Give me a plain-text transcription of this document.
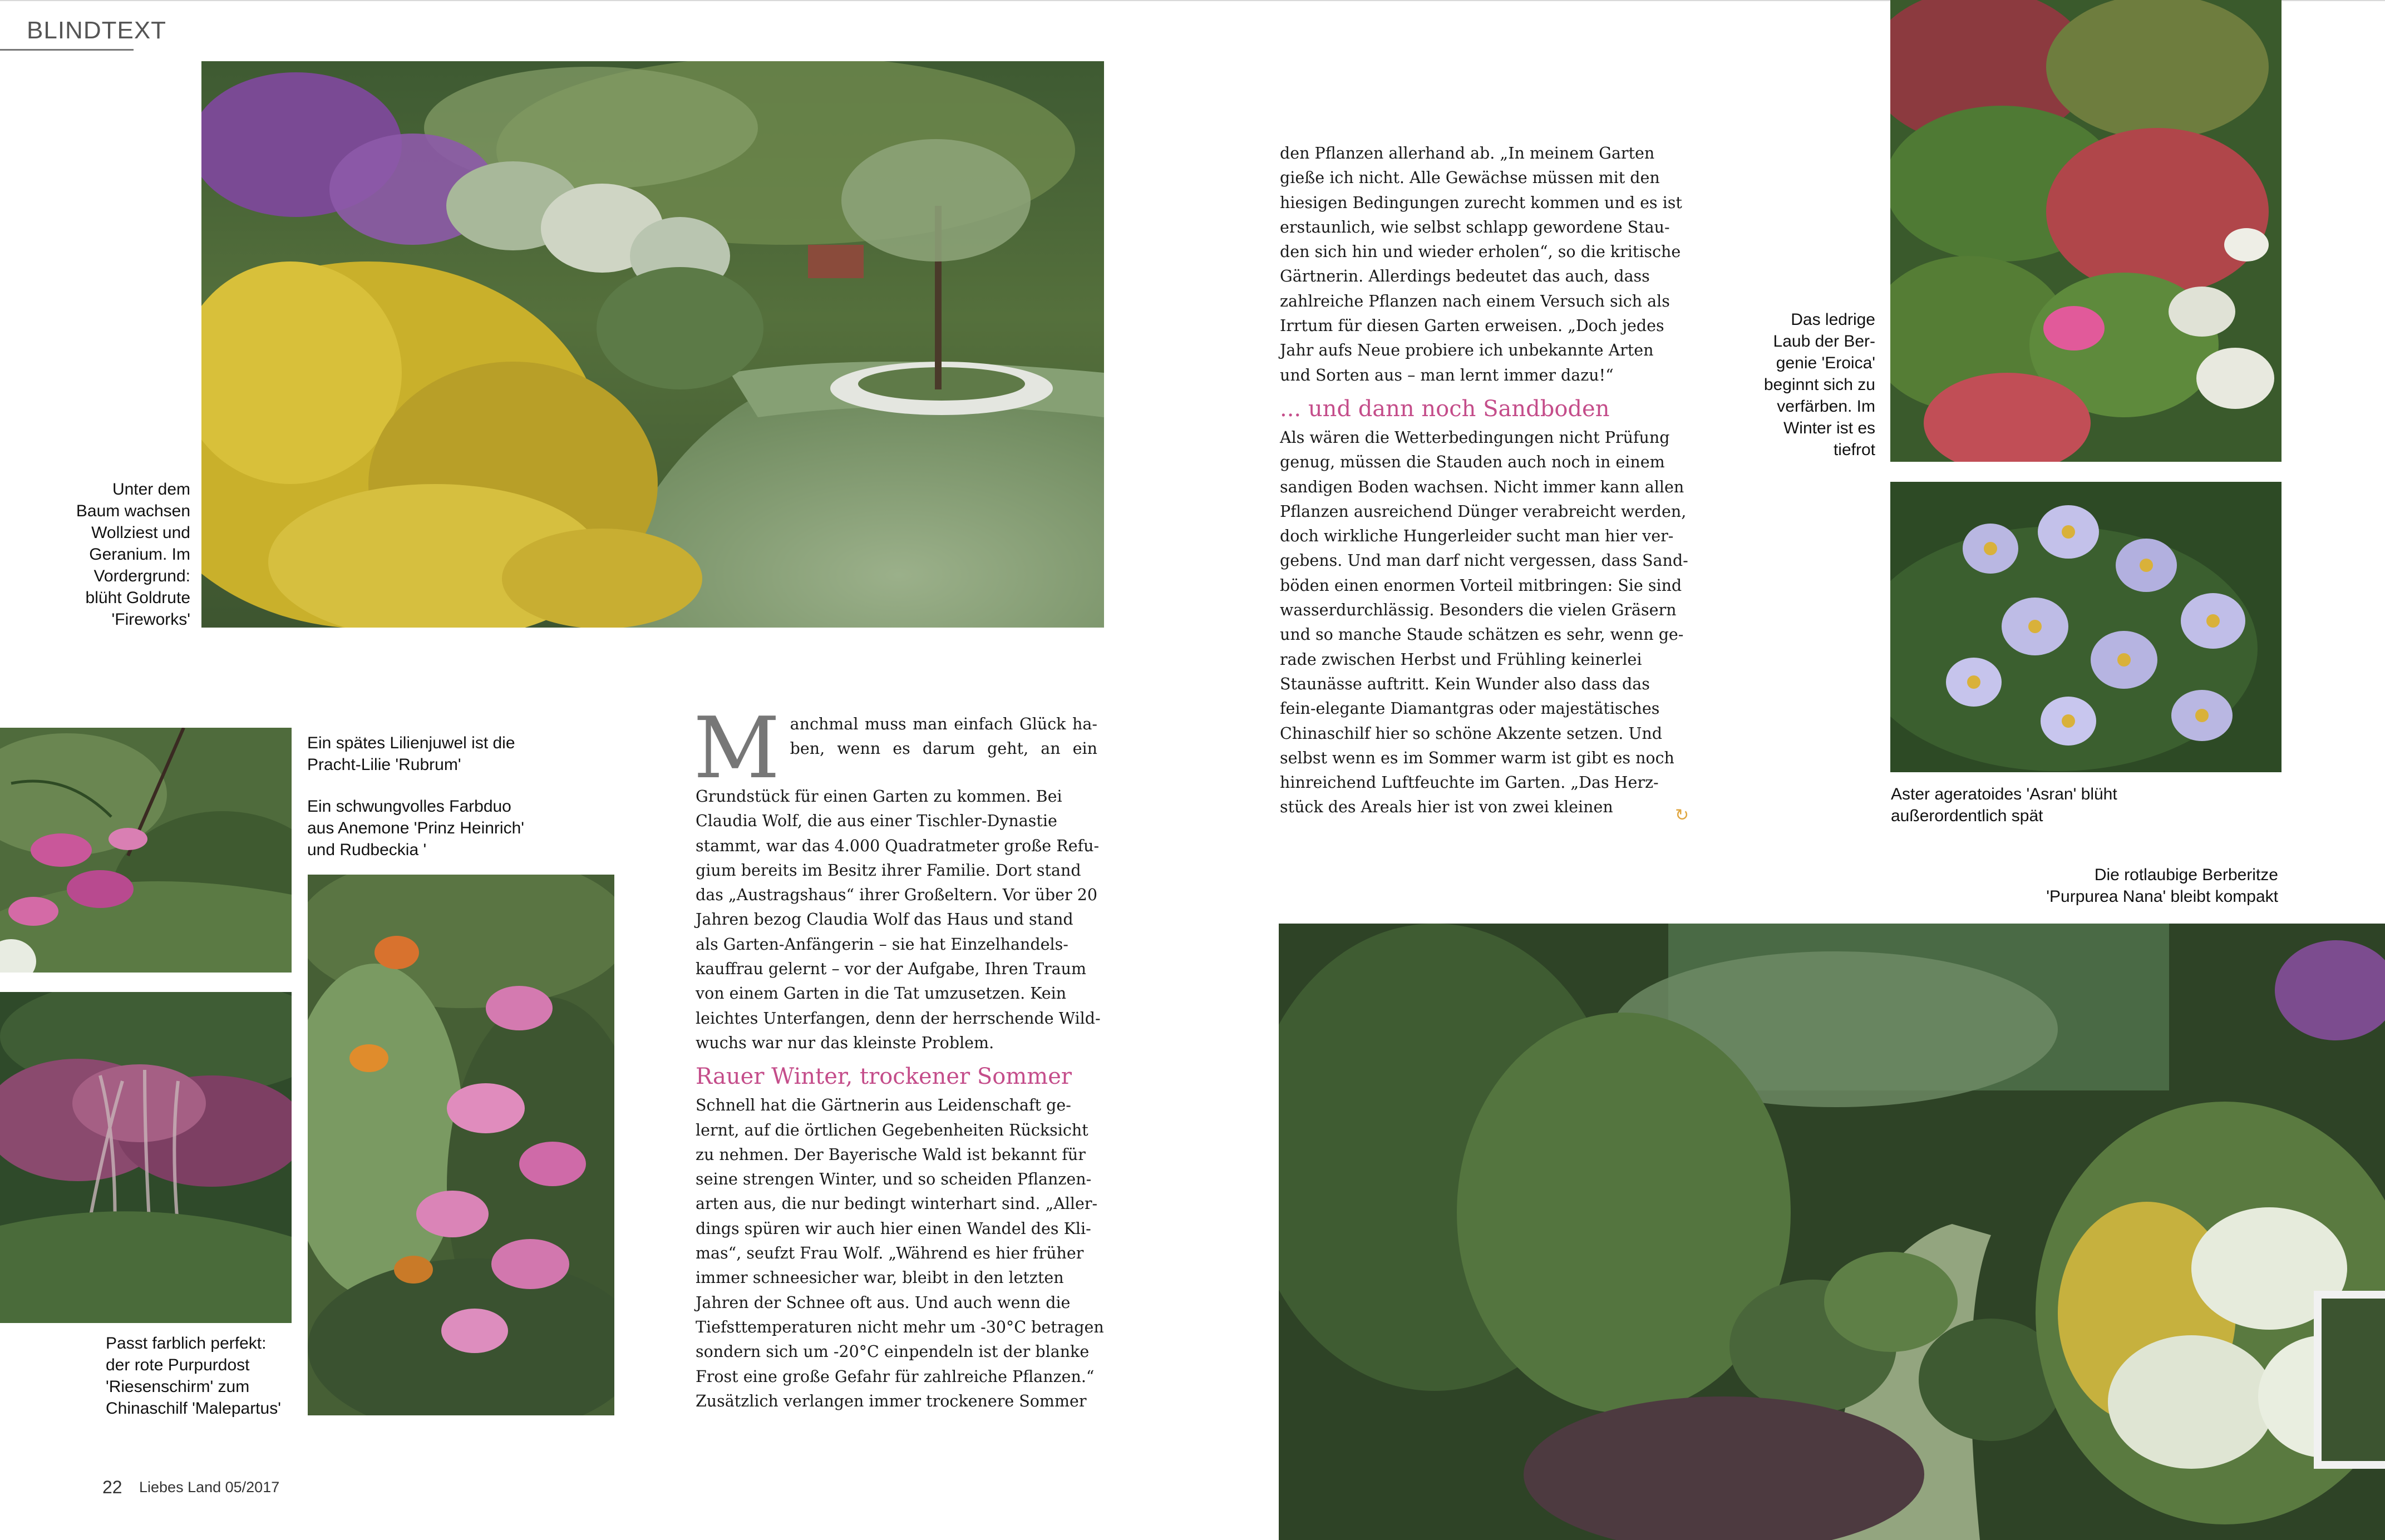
BLINDTEXT
Unter dem
Baum wachsen
Wollziest und
Geranium. Im
Vordergrund:
blüht Goldrute
'Fireworks'
Ein spätes Lilienjuwel ist die
Pracht-Lilie 'Rubrum'
Ein schwungvolles Farbduo
aus Anemone 'Prinz Heinrich'
und Rudbeckia '
Passt farblich perfekt:
der rote Purpurdost
'Riesenschirm' zum
Chinaschilf 'Malepartus'
M anchmal muss man einfach Glück ha-
ben, wenn es darum geht, an ein
Grundstück für einen Garten zu kommen. Bei
Claudia Wolf, die aus einer Tischler-Dynastie
stammt, war das 4.000 Quadratmeter große Refu-
gium bereits im Besitz ihrer Familie. Dort stand
das „Austragshaus“ ihrer Großeltern. Vor über 20
Jahren bezog Claudia Wolf das Haus und stand
als Garten-Anfängerin – sie hat Einzelhandels-
kauffrau gelernt – vor der Aufgabe, Ihren Traum
von einem Garten in die Tat umzusetzen. Kein
leichtes Unterfangen, denn der herrschende Wild-
wuchs war nur das kleinste Problem.
Rauer Winter, trockener Sommer
Schnell hat die Gärtnerin aus Leidenschaft ge-
lernt, auf die örtlichen Gegebenheiten Rücksicht
zu nehmen. Der Bayerische Wald ist bekannt für
seine strengen Winter, und so scheiden Pflanzen-
arten aus, die nur bedingt winterhart sind. „Aller-
dings spüren wir auch hier einen Wandel des Kli-
mas“, seufzt Frau Wolf. „Während es hier früher
immer schneesicher war, bleibt in den letzten
Jahren der Schnee oft aus. Und auch wenn die
Tiefsttemperaturen nicht mehr um -30°C betragen
sondern sich um -20°C einpendeln ist der blanke
Frost eine große Gefahr für zahlreiche Pflanzen.“
Zusätzlich verlangen immer trockenere Sommer
den Pflanzen allerhand ab. „In meinem Garten
gieße ich nicht. Alle Gewächse müssen mit den
hiesigen Bedingungen zurecht kommen und es ist
erstaunlich, wie selbst schlapp gewordene Stau-
den sich hin und wieder erholen“, so die kritische
Gärtnerin. Allerdings bedeutet das auch, dass
zahlreiche Pflanzen nach einem Versuch sich als
Irrtum für diesen Garten erweisen. „Doch jedes
Jahr aufs Neue probiere ich unbekannte Arten
und Sorten aus – man lernt immer dazu!“
... und dann noch Sandboden
Als wären die Wetterbedingungen nicht Prüfung
genug, müssen die Stauden auch noch in einem
sandigen Boden wachsen. Nicht immer kann allen
Pflanzen ausreichend Dünger verabreicht werden,
doch wirkliche Hungerleider sucht man hier ver-
gebens. Und man darf nicht vergessen, dass Sand-
böden einen enormen Vorteil mitbringen: Sie sind
wasserdurchlässig. Besonders die vielen Gräsern
und so manche Staude schätzen es sehr, wenn ge-
rade zwischen Herbst und Frühling keinerlei
Staunässe auftritt. Kein Wunder also dass das
fein-elegante Diamantgras oder majestätisches
Chinaschilf hier so schöne Akzente setzen. Und
selbst wenn es im Sommer warm ist gibt es noch
hinreichend Luftfeuchte im Garten. „Das Herz-
stück des Areals hier ist von zwei kleinen	↻
Das ledrige
Laub der Ber-
genie 'Eroica'
beginnt sich zu
verfärben. Im
Winter ist es
tiefrot
Aster ageratoides 'Asran' blüht
außerordentlich spät
Die rotlaubige Berberitze
'Purpurea Nana' bleibt kompakt
22 Liebes Land 05/2017
